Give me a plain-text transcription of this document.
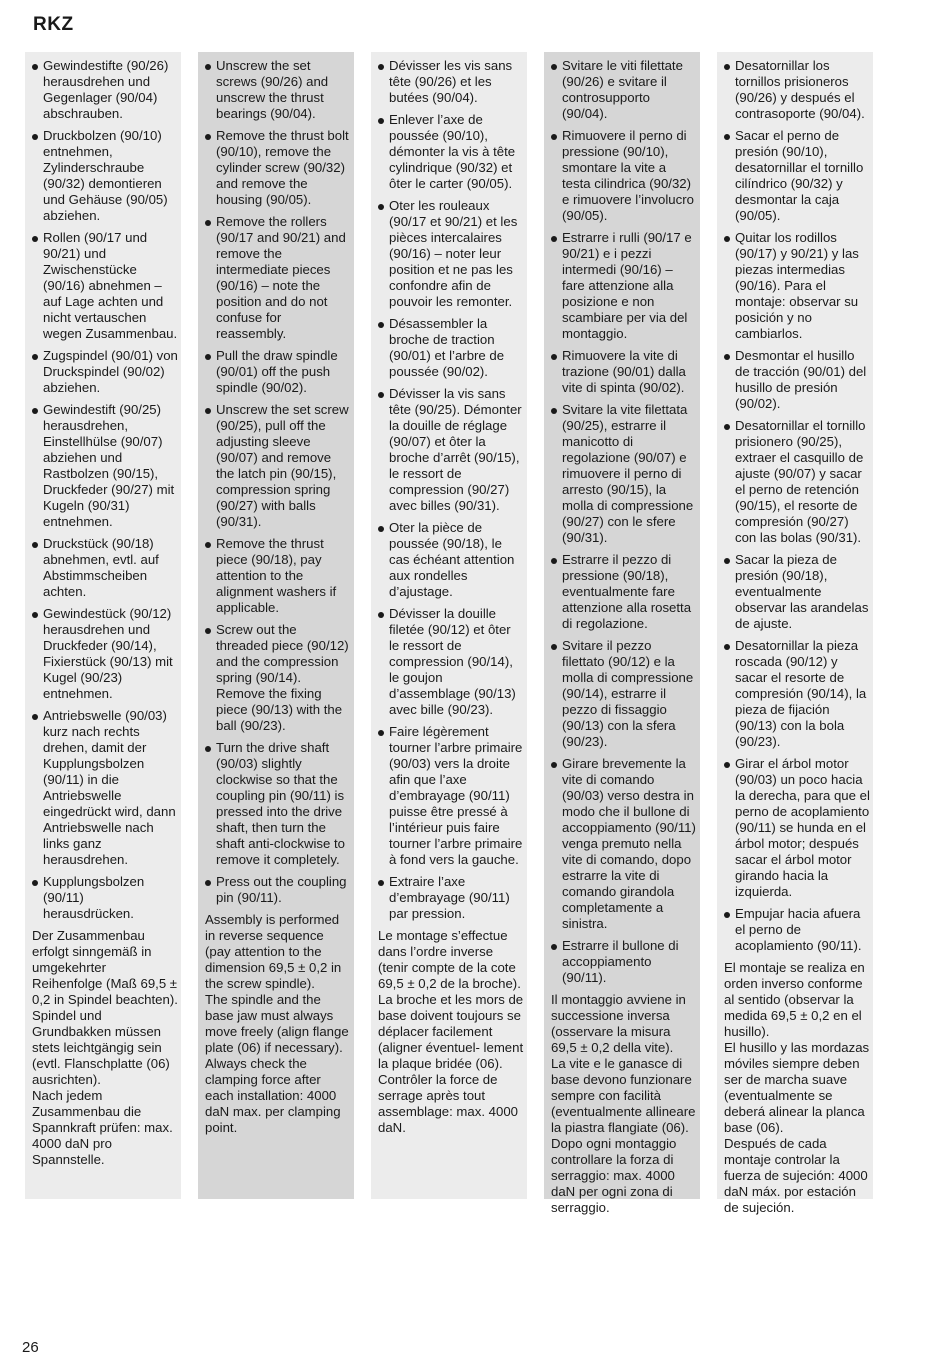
RKZ
Gewindestifte (90/26) herausdrehen und Gegenlager (90/04) abschrauben.
Druckbolzen (90/10) entnehmen, Zylinderschraube (90/32) demontieren und Gehäuse (90/05) abziehen.
Rollen (90/17 und 90/21) und Zwischenstücke (90/16) abnehmen – auf Lage achten und nicht vertauschen wegen Zusammenbau.
Zugspindel (90/01) von Druckspindel (90/02) abziehen.
Gewindestift (90/25) herausdrehen, Einstellhülse (90/07) abziehen und Rastbolzen (90/15), Druckfeder (90/27) mit Kugeln (90/31) entnehmen.
Druckstück (90/18) abnehmen, evtl. auf Abstimmscheiben achten.
Gewindestück (90/12) herausdrehen und Druckfeder (90/14), Fixierstück (90/13) mit Kugel (90/23) entnehmen.
Antriebswelle (90/03) kurz nach rechts drehen, damit der Kupplungsbolzen (90/11) in die Antriebswelle eingedrückt wird, dann Antriebswelle nach links ganz herausdrehen.
Kupplungsbolzen (90/11) herausdrücken.

Der Zusammenbau erfolgt sinngemäß in umgekehrter Reihenfolge (Maß 69,5 ± 0,2 in Spindel beachten).
Spindel und Grundbakken müssen stets leichtgängig sein (evtl. Flanschplatte (06) ausrichten).
Nach jedem Zusammenbau die Spannkraft prüfen: max. 4000 daN pro Spannstelle.

Unscrew the set screws (90/26) and unscrew the thrust bearings (90/04).
Remove the thrust bolt (90/10), remove the cylinder screw (90/32) and remove the housing (90/05).
Remove the rollers (90/17 and 90/21) and remove the intermediate pieces (90/16) – note the position and do not confuse for reassembly.
Pull the draw spindle (90/01) off the push spindle (90/02).
Unscrew the set screw (90/25), pull off the adjusting sleeve (90/07) and remove the latch pin (90/15), compression spring (90/27) with balls (90/31).
Remove the thrust piece (90/18), pay attention to the alignment washers if applicable.
Screw out the threaded piece (90/12) and the compression spring (90/14). Remove the fixing piece (90/13) with the ball (90/23).
Turn the drive shaft (90/03) slightly clockwise so that the coupling pin (90/11) is pressed into the drive shaft, then turn the shaft anti-clockwise to remove it completely.
Press out the coupling pin (90/11).

Assembly is performed in reverse sequence (pay attention to the dimension 69,5 ± 0,2 in the screw spindle).
The spindle and the base jaw must always move freely (align flange plate (06) if necessary).
Always check the clamping force after each installation: 4000 daN max. per clamping point.

Dévisser les vis sans tête (90/26) et les butées (90/04).
Enlever l’axe de poussée (90/10), démonter la vis à tête cylindrique (90/32) et ôter le carter (90/05).
Oter les rouleaux (90/17 et 90/21) et les pièces intercalaires (90/16) – noter leur position et ne pas les confondre afin de pouvoir les remonter.
Désassembler la broche de traction (90/01) et l’arbre de poussée (90/02).
Dévisser la vis sans tête (90/25). Démonter la douille de réglage (90/07) et ôter la broche d’arrêt (90/15), le ressort de compression (90/27) avec billes (90/31).
Oter la pièce de poussée (90/18), le cas échéant attention aux rondelles d’ajustage.
Dévisser la douille filetée (90/12) et ôter le ressort de compression (90/14), le goujon d’assemblage (90/13) avec bille (90/23).
Faire légèrement tourner l’arbre primaire (90/03) vers la droite afin que l’axe d’embrayage (90/11) puisse être pressé à l’intérieur puis faire tourner l’arbre primaire à fond vers la gauche.
Extraire l’axe d’embrayage (90/11) par pression.

Le montage s’effectue dans l’ordre inverse (tenir compte de la cote 69,5 ± 0,2 de la broche).
La broche et les mors de base doivent toujours se déplacer facilement (aligner éventuel- lement la plaque bridée (06).
Contrôler la force de serrage après tout assemblage: max. 4000 daN.

Svitare le viti filettate (90/26) e svitare il controsupporto (90/04).
Rimuovere il perno di pressione (90/10), smontare la vite a testa cilindrica (90/32) e rimuovere l’involucro (90/05).
Estrarre i rulli (90/17 e 90/21) e i pezzi intermedi (90/16) – fare attenzione alla posizione e non scambiare per via del montaggio.
Rimuovere la vite di trazione (90/01) dalla vite di spinta (90/02).
Svitare la vite filettata (90/25), estrarre il manicotto di regolazione (90/07) e rimuovere il perno di arresto (90/15), la molla di compressione (90/27) con le sfere (90/31).
Estrarre il pezzo di pressione (90/18), eventualmente fare attenzione alla rosetta di regolazione.
Svitare il pezzo filettato (90/12) e la molla di compressione (90/14), estrarre il pezzo di fissaggio (90/13) con la sfera (90/23).
Girare brevemente la vite di comando (90/03) verso destra in modo che il bullone di accoppiamento (90/11) venga premuto nella vite di comando, dopo estrarre la vite di comando girandola completamente a sinistra.
Estrarre il bullone di accoppiamento (90/11).

Il montaggio avviene in successione inversa (osservare la misura 69,5 ± 0,2 della vite).
La vite e le ganasce di base devono funzionare sempre con facilità (eventualmente allineare la piastra flangiate (06).
Dopo ogni montaggio controllare la forza di serraggio: max. 4000 daN per ogni zona di serraggio.

Desatornillar los tornillos prisioneros (90/26) y después el contrasoporte (90/04).
Sacar el perno de presión (90/10), desatornillar el tornillo cilíndrico (90/32) y desmontar la caja (90/05).
Quitar los rodillos (90/17) y 90/21) y las piezas intermedias (90/16). Para el montaje: observar su posición y no cambiarlos.
Desmontar el husillo de tracción (90/01) del husillo de presión (90/02).
Desatornillar el tornillo prisionero (90/25), extraer el casquillo de ajuste (90/07) y sacar el perno de retención (90/15), el resorte de compresión (90/27) con las bolas (90/31).
Sacar la pieza de presión (90/18), eventualmente observar las arandelas de ajuste.
Desatornillar la pieza roscada (90/12) y sacar el resorte de compresión (90/14), la pieza de fijación (90/13) con la bola (90/23).
Girar el árbol motor (90/03) un poco hacia la derecha, para que el perno de acoplamiento (90/11) se hunda en el árbol motor; después sacar el árbol motor girando hacia la izquierda.
Empujar hacia afuera el perno de acoplamiento (90/11).

El montaje se realiza en orden inverso conforme al sentido (observar la medida 69,5 ± 0,2 en el husillo).
El husillo y las mordazas móviles siempre deben ser de marcha suave (eventualmente se deberá alinear la planca base (06).
Después de cada montaje controlar la fuerza de sujeción: 4000 daN máx. por estación de sujeción.

26
